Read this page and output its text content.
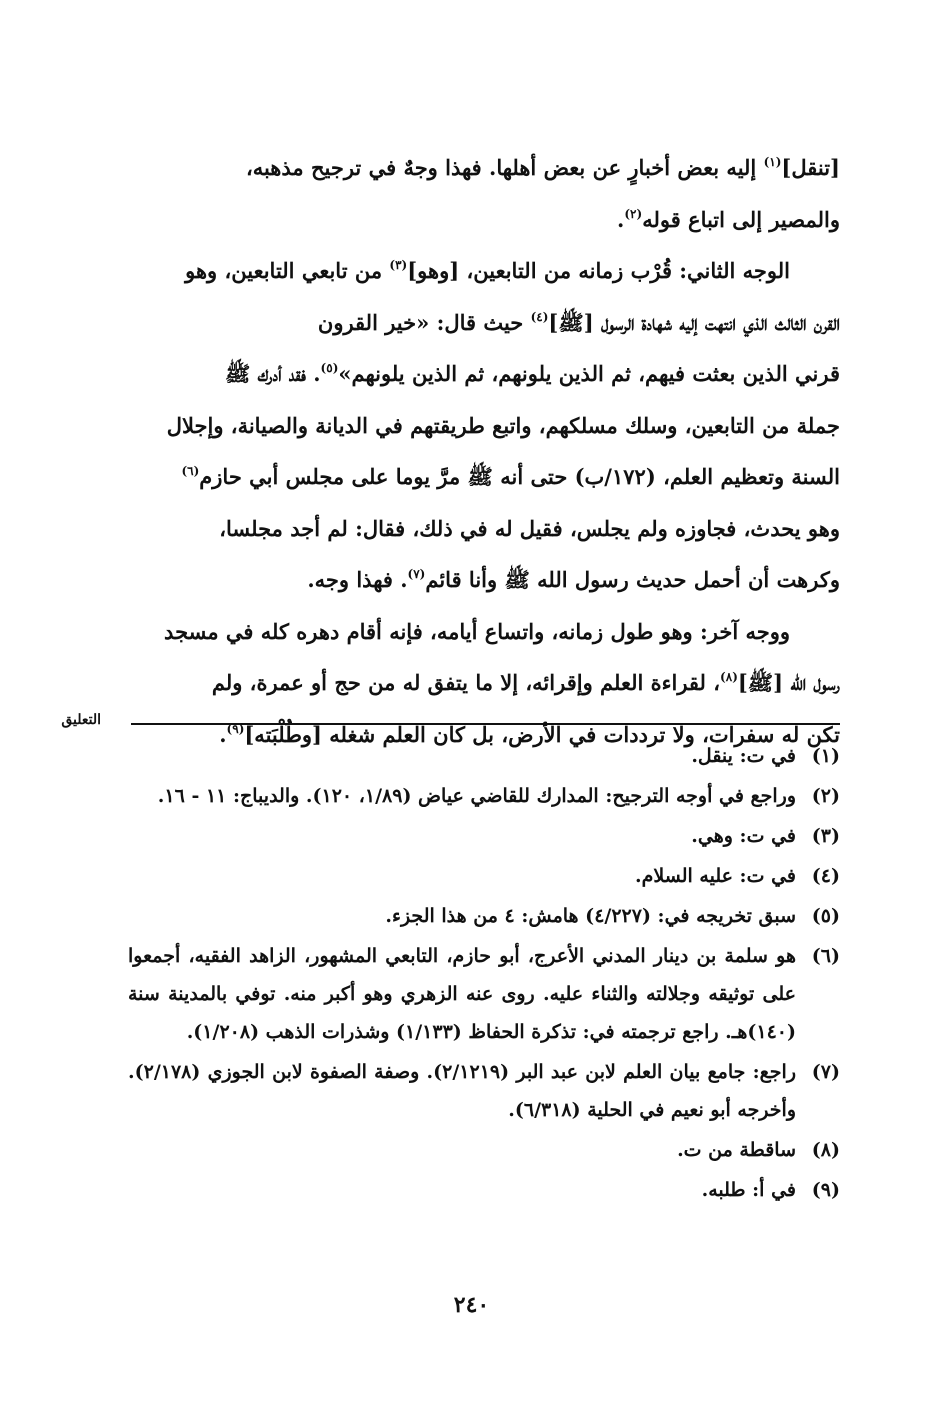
[تنقل]$^{(١)}$ إليه بعض أخبارٍ عن بعض أهلها. فهذا وجهٌ في ترجيح مذهبه،
والمصير إلى اتباع قوله$^{(٢)}$.
الوجه الثاني: قُرْب زمانه من التابعين، [وهو]$^{(٣)}$ من تابعي التابعين، وهو
القرن الثالث الذي انتهت إليه شهادة الرسول [ﷺ]$^{(٤)}$ حيث قال: «خير القرون
قرني الذين بعثت فيهم، ثم الذين يلونهم، ثم الذين يلونهم»$^{(٥)}$. فقد أدرك ﷺ
جملة من التابعين، وسلك مسلكهم، واتبع طريقتهم في الديانة والصيانة، وإجلال
السنة وتعظيم العلم، (١٧٢/ب) حتى أنه ﷺ مرَّ يوما على مجلس أبي حازم$^{(٦)}$
وهو يحدث، فجاوزه ولم يجلس، فقيل له في ذلك، فقال: لم أجد مجلسا،
وكرهت أن أحمل حديث رسول الله ﷺ وأنا قائم$^{(٧)}$. فهذا وجه.
ووجه آخر: وهو طول زمانه، واتساع أيامه، فإنه أقام دهره كله في مسجد
رسول الله [ﷺ]$^{(٨)}$، لقراءة العلم وإقرائه، إلا ما يتفق له من حج أو عمرة، ولم
تكن له سفرات، ولا ترددات في الأرض، بل كان العلم شغله [وطُلْبَته]$^{(٩)}$.
التعليق
(١)
في ت: ينقل.
(٢)
وراجع في أوجه الترجيح: المدارك للقاضي عياض (١/٨٩، ١٢٠). والديباج: ١١ - ١٦.
(٣)
في ت: وهي.
(٤)
في ت: عليه السلام.
(٥)
سبق تخريجه في: (٤/٢٢٧) هامش: ٤ من هذا الجزء.
(٦)
هو سلمة بن دينار المدني الأعرج، أبو حازم، التابعي المشهور، الزاهد الفقيه، أجمعوا على توثيقه وجلالته والثناء عليه. روى عنه الزهري وهو أكبر منه. توفي بالمدينة سنة (١٤٠)هـ. راجع ترجمته في: تذكرة الحفاظ (١/١٣٣) وشذرات الذهب (١/٢٠٨).
(٧)
راجع: جامع بيان العلم لابن عبد البر (٢/١٢١٩). وصفة الصفوة لابن الجوزي (٢/١٧٨). وأخرجه أبو نعيم في الحلية (٦/٣١٨).
(٨)
ساقطة من ت.
(٩)
في أ: طلبه.
٢٤٠
